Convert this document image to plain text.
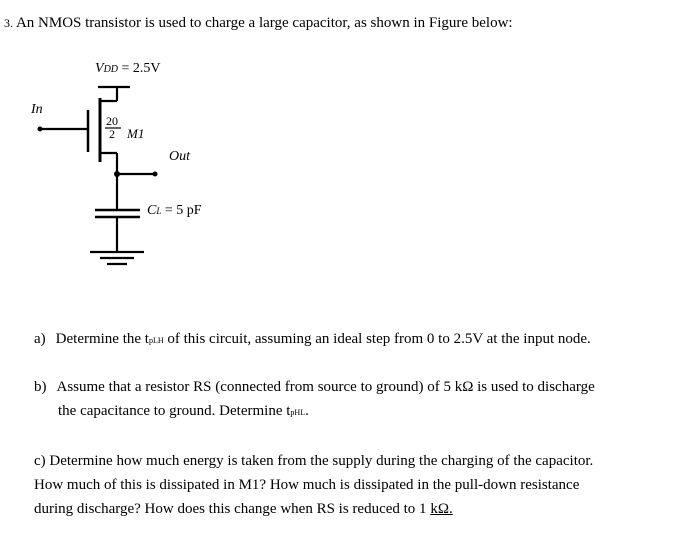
3. An NMOS transistor is used to charge a large capacitor, as shown in Figure below:
VDD = 2.5V
In
20
2 M1
Out
CL = 5 pF
a) Determine the tpLH of this circuit, assuming an ideal step from 0 to 2.5V at the input node.
b) Assume that a resistor RS (connected from source to ground) of 5 kΩ is used to discharge
the capacitance to ground. Determine tpHL.
c) Determine how much energy is taken from the supply during the charging of the capacitor.
How much of this is dissipated in M1? How much is dissipated in the pull-down resistance
during discharge? How does this change when RS is reduced to 1 kΩ.
